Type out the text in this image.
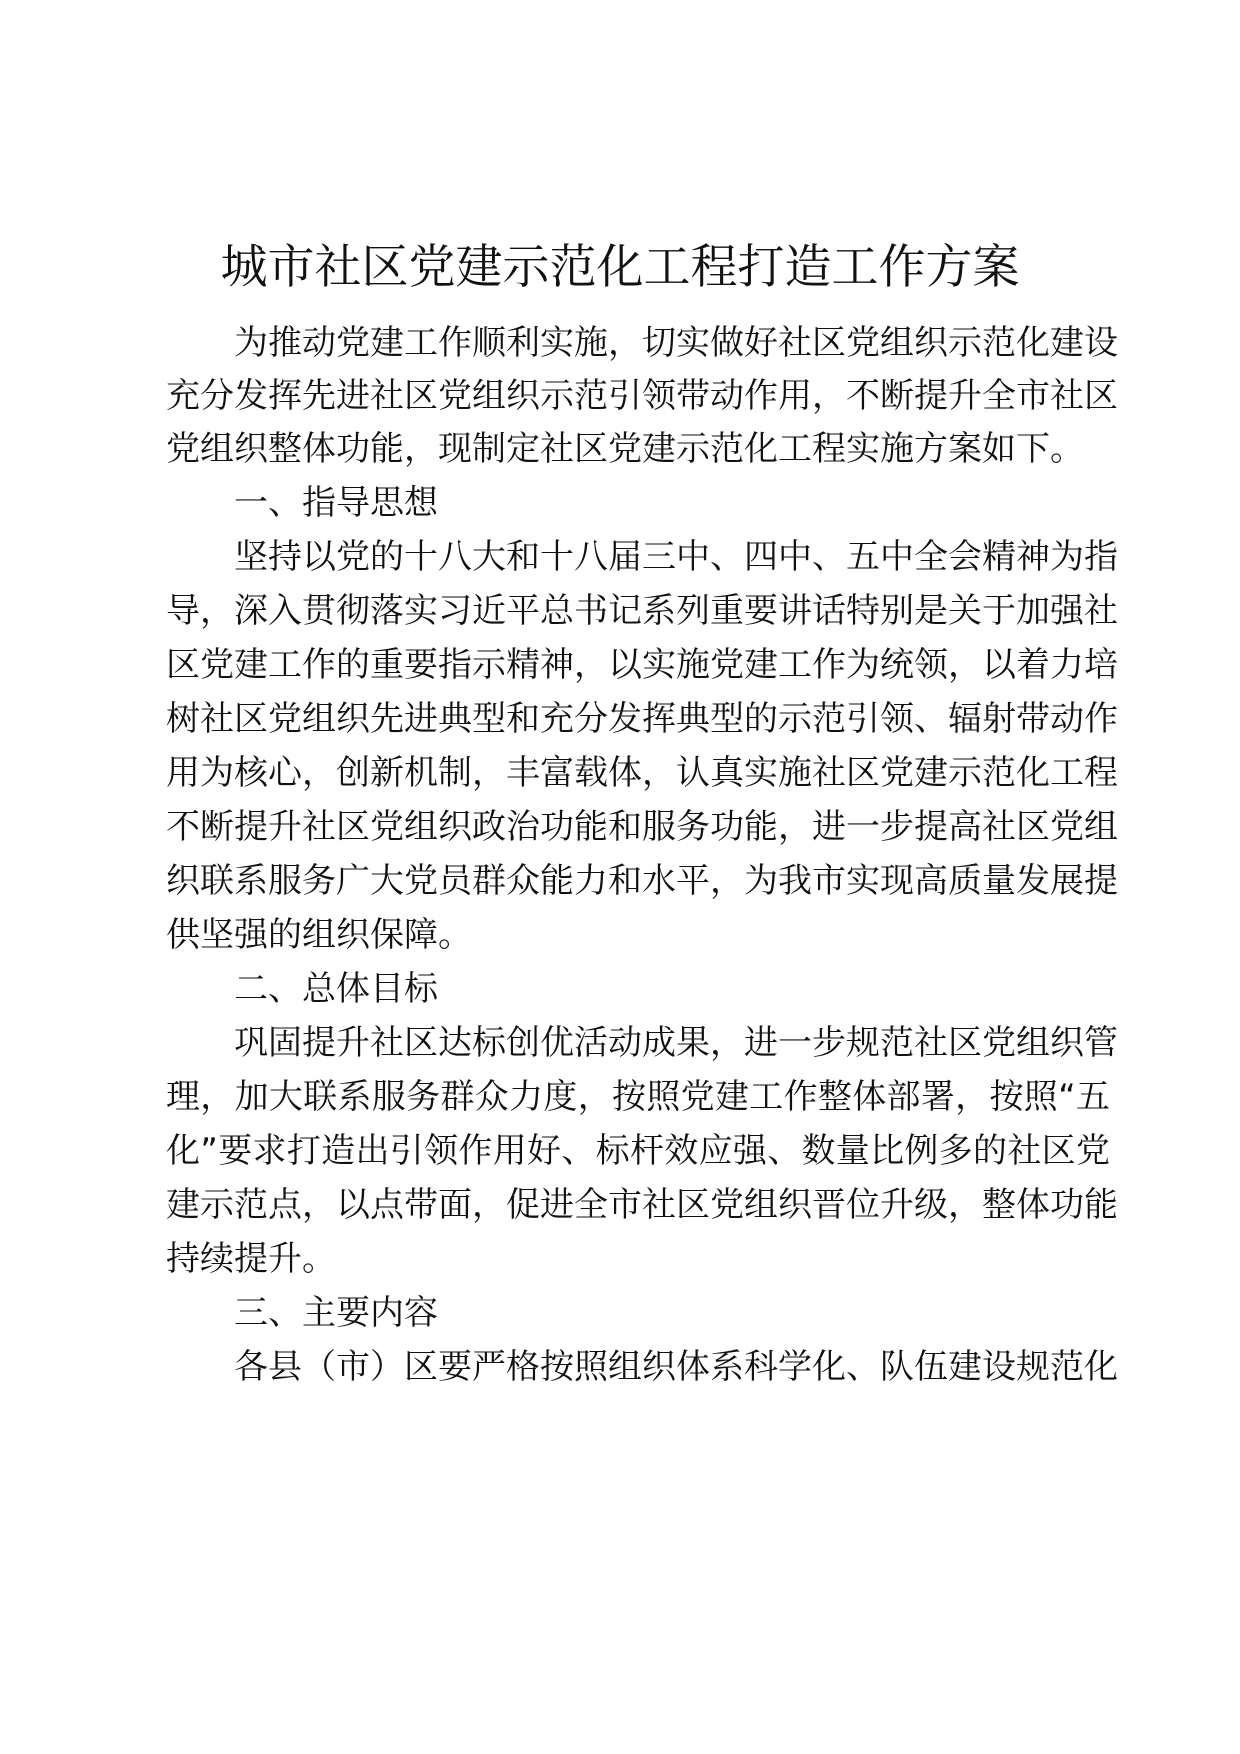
城市社区党建示范化工程打造工作方案

为推动党建工作顺利实施，切实做好社区党组织示范化建设

充分发挥先进社区党组织示范引领带动作用，不断提升全市社区

党组织整体功能，现制定社区党建示范化工程实施方案如下。

一、指导思想

坚持以党的十八大和十八届三中、四中、五中全会精神为指

导，深入贯彻落实习近平总书记系列重要讲话特别是关于加强社

区党建工作的重要指示精神，以实施党建工作为统领，以着力培

树社区党组织先进典型和充分发挥典型的示范引领、辐射带动作

用为核心，创新机制，丰富载体，认真实施社区党建示范化工程

不断提升社区党组织政治功能和服务功能，进一步提高社区党组

织联系服务广大党员群众能力和水平，为我市实现高质量发展提

供坚强的组织保障。

二、总体目标

巩固提升社区达标创优活动成果，进一步规范社区党组织管

理，加大联系服务群众力度，按照党建工作整体部署，按照“五

化”要求打造出引领作用好、标杆效应强、数量比例多的社区党

建示范点，以点带面，促进全市社区党组织晋位升级，整体功能

持续提升。

三、主要内容

各县（市）区要严格按照组织体系科学化、队伍建设规范化
